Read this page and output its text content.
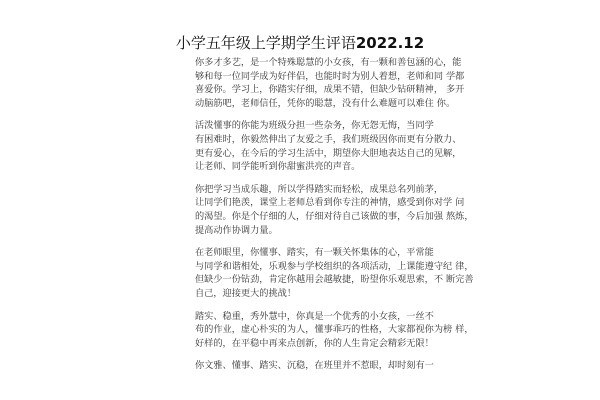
小学五年级上学期学生评语2022.12
你多才多艺，是一个特殊聪慧的小女孩，有一颗和善包涵的心，能
够和每一位同学成为好伴侣，也能时时为别人着想，老师和同 学都
喜爱你。学习上，你踏实仔细，成果不错，但缺少钻研精神， 多开
动脑筋吧，老师信任，凭你的聪慧，没有什么难题可以难住 你。
活泼懂事的你能为班级分担一些杂务，你无怨无悔，当同学
有困难时，你毅然伸出了友爱之手，我们班级因你而更有分散力、
更有爱心，在今后的学习生活中，期望你大胆地表达自己的见解，
让老师、同学能听到你甜蜜洪亮的声音。
你把学习当成乐趣，所以学得踏实而轻松，成果总名列前茅，
让同学们艳羡，课堂上老师总看到你专注的神情，感受到你对学 问
的渴望。你是个仔细的人，仔细对待自己该做的事，今后加强 熬炼，
提高动作协调力量。
在老师眼里，你懂事、踏实，有一颗关怀集体的心，平常能
与同学和谐相处，乐观参与学校组织的各项活动，上课能遵守纪 律，
但缺少一份钻劲，肯定你越用会越敏捷，盼望你乐观思索，不 断完善
自己，迎接更大的挑战！
踏实、稳重，秀外慧中，你真是一个优秀的小女孩，一丝不
苟的作业，虚心朴实的为人，懂事乖巧的性格，大家都视你为榜 样，
好样的，在平稳中再来点创新，你的人生肯定会精彩无限！
你文雅、懂事、踏实、沉稳，在班里并不惹眼，却时刻有一
